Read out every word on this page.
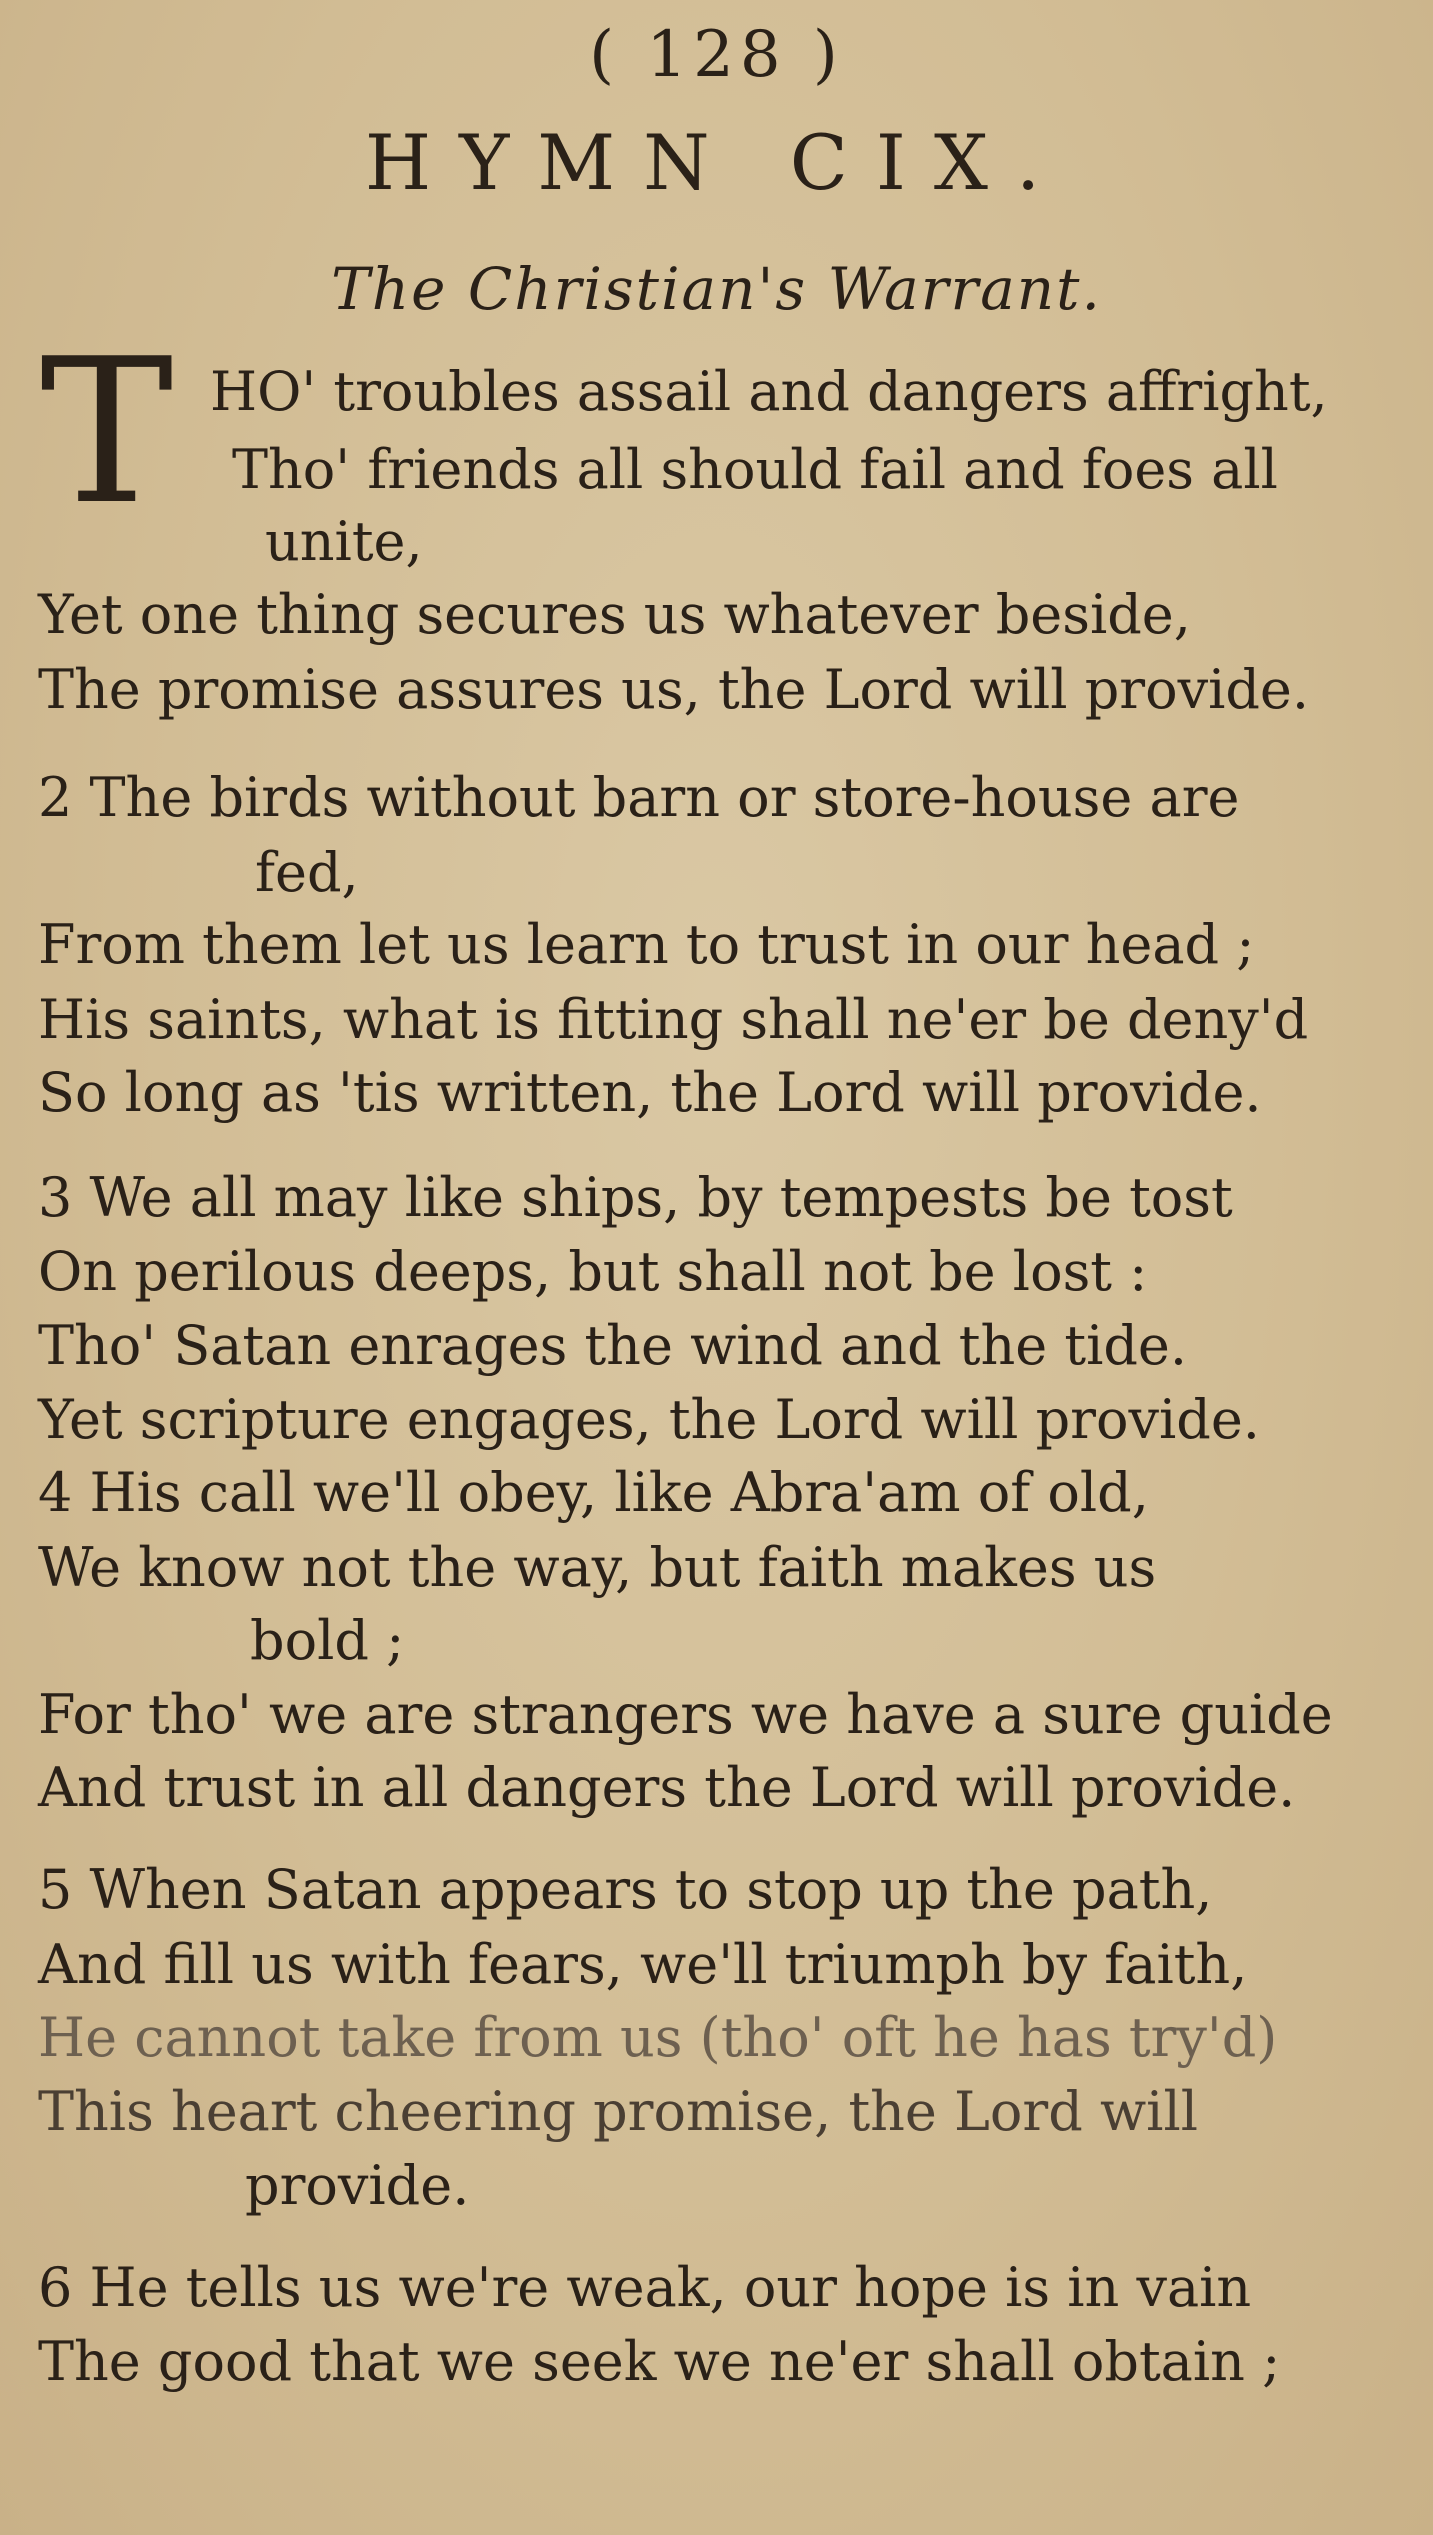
( 128 )
HYMN CIX.
The Christian's Warrant.
T HO' troubles assail and dangers affright,
Tho' friends all should fail and foes all
unite,
Yet one thing secures us whatever beside,
The promise assures us, the Lord will provide.
2 The birds without barn or store-house are
fed,
From them let us learn to trust in our head ;
His saints, what is fitting shall ne'er be deny'd
So long as 'tis written, the Lord will provide.
3 We all may like ships, by tempests be tost
On perilous deeps, but shall not be lost :
Tho' Satan enrages the wind and the tide.
Yet scripture engages, the Lord will provide.
4 His call we'll obey, like Abra'am of old,
We know not the way, but faith makes us
bold ;
For tho' we are strangers we have a sure guide
And trust in all dangers the Lord will provide.
5 When Satan appears to stop up the path,
And fill us with fears, we'll triumph by faith,
He cannot take from us (tho' oft he has try'd)
This heart cheering promise, the Lord will
provide.
6 He tells us we're weak, our hope is in vain
The good that we seek we ne'er shall obtain ;
